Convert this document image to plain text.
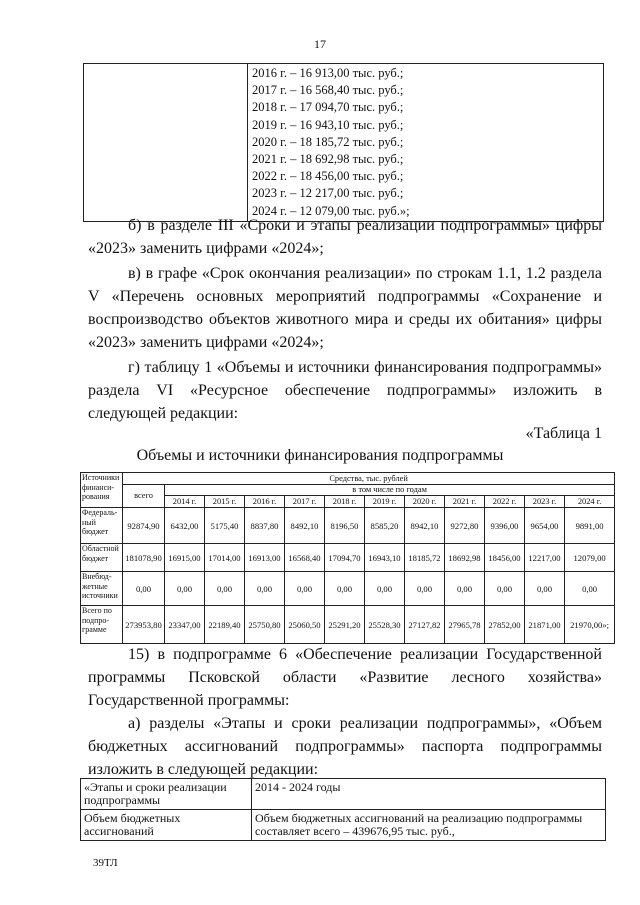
17

2016 г. – 16 913,00 тыс. руб.;
2017 г. – 16 568,40 тыс. руб.;
2018 г. – 17 094,70 тыс. руб.;
2019 г. – 16 943,10 тыс. руб.;
2020 г. – 18 185,72 тыс. руб.;
2021 г. – 18 692,98 тыс. руб.;
2022 г. – 18 456,00 тыс. руб.;
2023 г. – 12 217,00 тыс. руб.;
2024 г. – 12 079,00 тыс. руб.»;
б) в разделе III «Сроки и этапы реализации подпрограммы» цифры «2023» заменить цифрами «2024»;
в) в графе «Срок окончания реализации» по строкам 1.1, 1.2 раздела V «Перечень основных мероприятий подпрограммы «Сохранение и воспроизводство объектов животного мира и среды их обитания» цифры «2023» заменить цифрами «2024»;
г) таблицу 1 «Объемы и источники финансирования подпрограммы» раздела VI «Ресурсное обеспечение подпрограммы» изложить в следующей редакции:
«Таблица 1
Объемы и источники финансирования подпрограммы
Источники финанси-рования	Средства, тыс. рублей											
	всего	в том числе по годам										
		2014 г.	2015 г.	2016 г.	2017 г.	2018 г.	2019 г.	2020 г.	2021 г.	2022 г.	2023 г.	2024 г.
Федераль-ный бюджет	92874,90	6432,00	5175,40	8837,80	8492,10	8196,50	8585,20	8942,10	9272,80	9396,00	9654,00	9891,00
Областной бюджет	181078,90	16915,00	17014,00	16913,00	16568,40	17094,70	16943,10	18185,72	18692,98	18456,00	12217,00	12079,00
Внебюд-жетные источники	0,00	0,00	0,00	0,00	0,00	0,00	0,00	0,00	0,00	0,00	0,00	0,00
Всего по подпро-грамме	273953,80	23347,00	22189,40	25750,80	25060,50	25291,20	25528,30	27127,82	27965,78	27852,00	21871,00	21970,00»;
15) в подпрограмме 6 «Обеспечение реализации Государственной программы Псковской области «Развитие лесного хозяйства» Государственной программы:
а) разделы «Этапы и сроки реализации подпрограммы», «Объем бюджетных ассигнований подпрограммы» паспорта подпрограммы изложить в следующей редакции:
«Этапы и сроки реализации подпрограммы	2014 - 2024 годы
Объем бюджетных ассигнований	Объем бюджетных ассигнований на реализацию подпрограммы составляет всего – 439676,95 тыс. руб.,
39ТЛ
